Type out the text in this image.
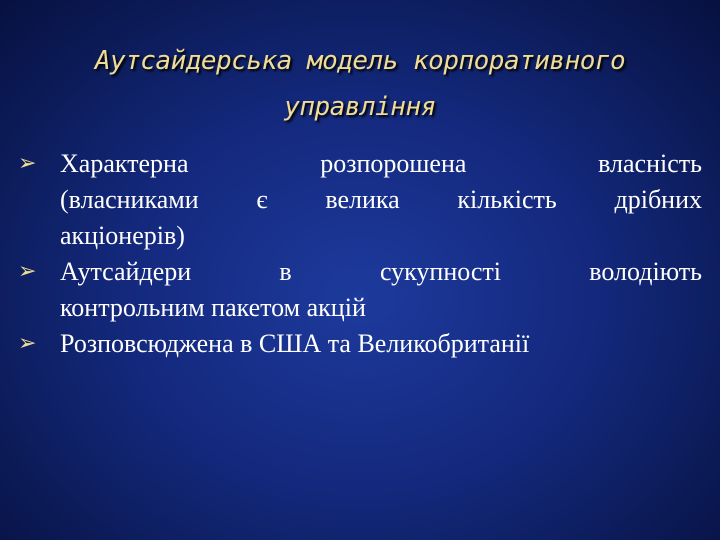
Аутсайдерська модель корпоративного
управління
➢ Характерна розпорошена власність
(власниками є велика кількість дрібних
акціонерів)
➢ Аутсайдери в сукупності володіють
контрольним пакетом акцій
➢ Розповсюджена в США та Великобританії
